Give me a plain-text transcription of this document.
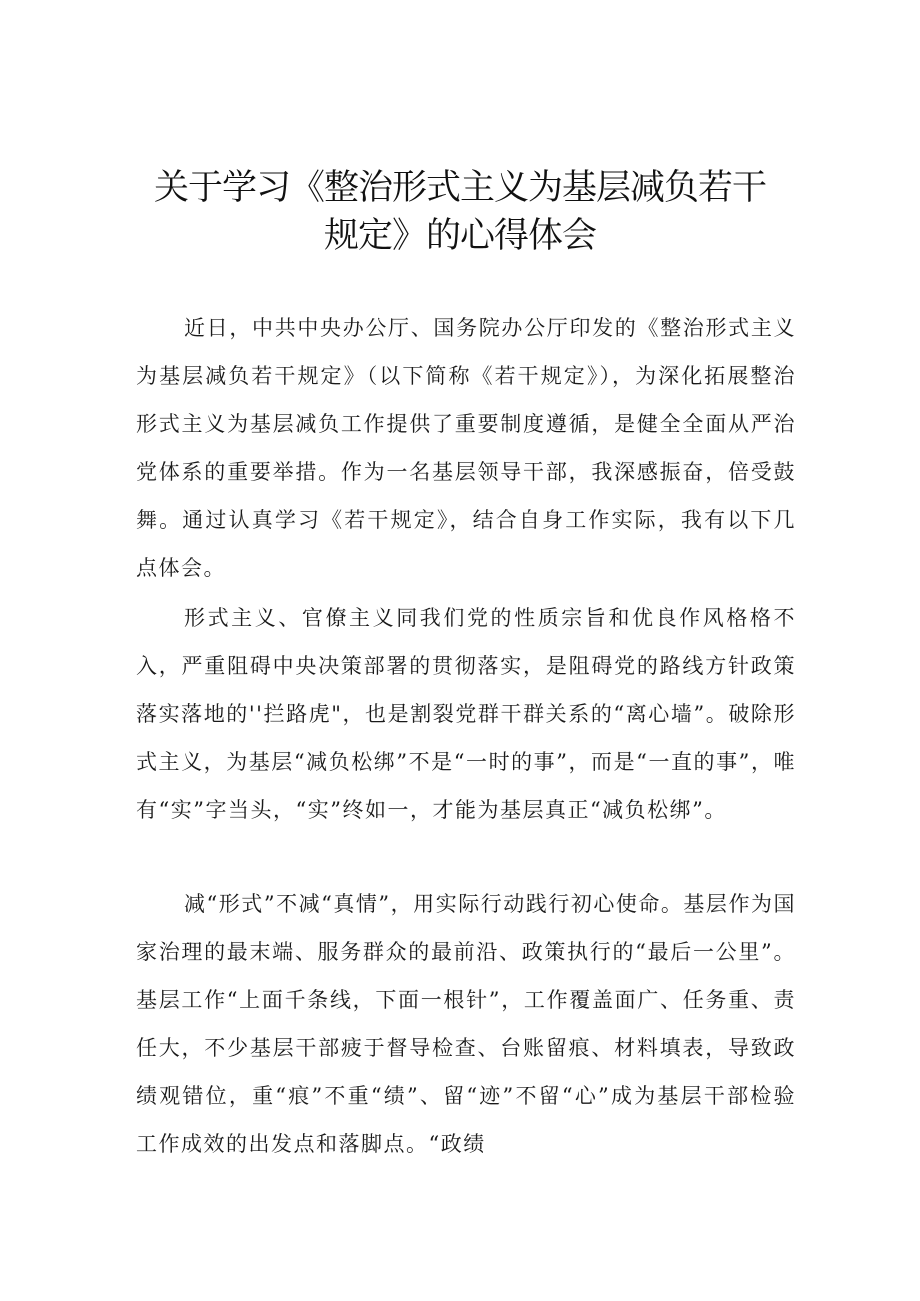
关于学习《整治形式主义为基层减负若干
规定》的心得体会

近日，中共中央办公厅、国务院办公厅印发的《整治形式主义为基层减负若干规定》（以下简称《若干规定》），为深化拓展整治形式主义为基层减负工作提供了重要制度遵循，是健全全面从严治党体系的重要举措。作为一名基层领导干部，我深感振奋，倍受鼓舞。通过认真学习《若干规定》，结合自身工作实际，我有以下几点体会。

形式主义、官僚主义同我们党的性质宗旨和优良作风格格不入，严重阻碍中央决策部署的贯彻落实，是阻碍党的路线方针政策落实落地的''拦路虎"，也是割裂党群干群关系的“离心墙”。破除形式主义，为基层“减负松绑”不是“一时的事”，而是“一直的事”，唯有“实”字当头，“实”终如一，才能为基层真正“减负松绑”。

减“形式”不减“真情”，用实际行动践行初心使命。基层作为国家治理的最末端、服务群众的最前沿、政策执行的“最后一公里”。基层工作“上面千条线，下面一根针”，工作覆盖面广、任务重、责任大，不少基层干部疲于督导检查、台账留痕、材料填表，导致政绩观错位，重“痕”不重“绩”、留“迹”不留“心”成为基层干部检验工作成效的出发点和落脚点。“政绩
